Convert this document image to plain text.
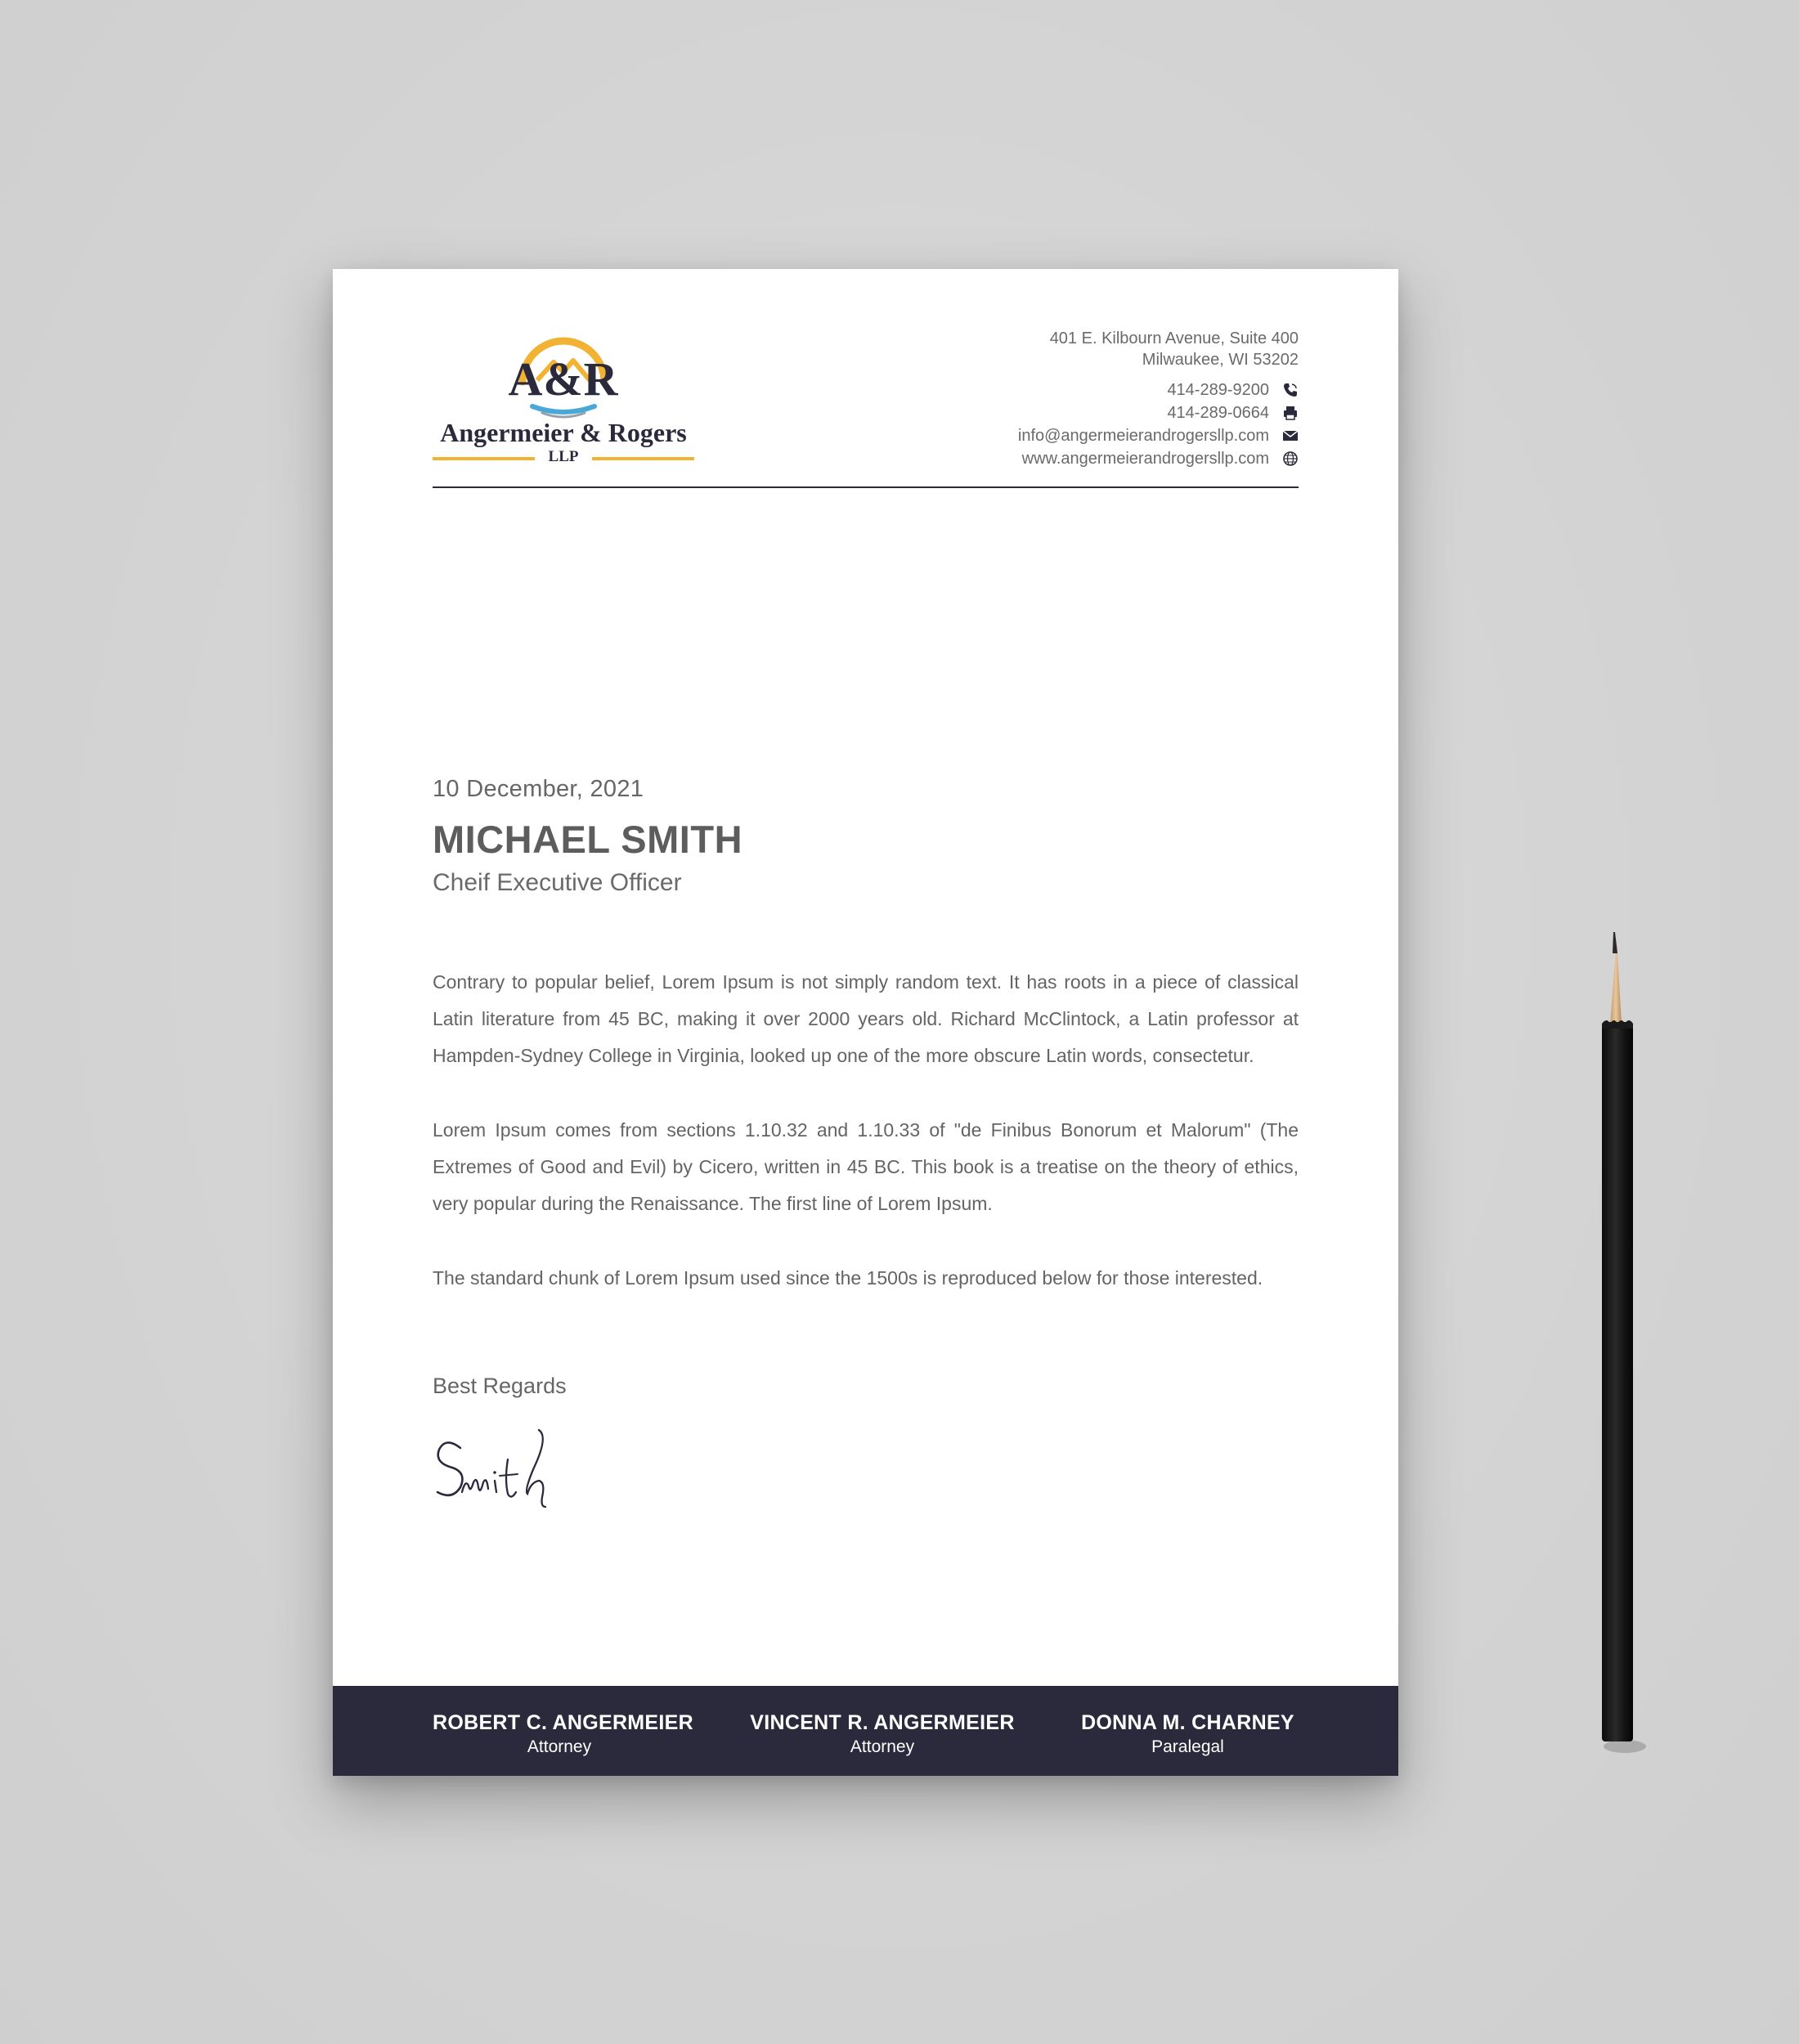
A&R
Angermeier & Rogers
LLP
401 E. Kilbourn Avenue, Suite 400
Milwaukee, WI 53202
414-289-9200
414-289-0664
info@angermeierandrogersllp.com
www.angermeierandrogersllp.com
10 December, 2021
MICHAEL SMITH
Cheif Executive Officer

Contrary to popular belief, Lorem Ipsum is not simply random text. It has roots in a piece of classical Latin literature from 45 BC, making it over 2000 years old. Richard McClintock, a Latin professor at Hampden-Sydney College in Virginia, looked up one of the more obscure Latin words, consectetur.

Lorem Ipsum comes from sections 1.10.32 and 1.10.33 of "de Finibus Bonorum et Malorum" (The Extremes of Good and Evil) by Cicero, written in 45 BC. This book is a treatise on the theory of ethics, very popular during the Renaissance. The first line of Lorem Ipsum.

The standard chunk of Lorem Ipsum used since the 1500s is reproduced below for those interested.

Best Regards
ROBERT C. ANGERMEIER
Attorney
VINCENT R. ANGERMEIER
Attorney
DONNA M. CHARNEY
Paralegal
